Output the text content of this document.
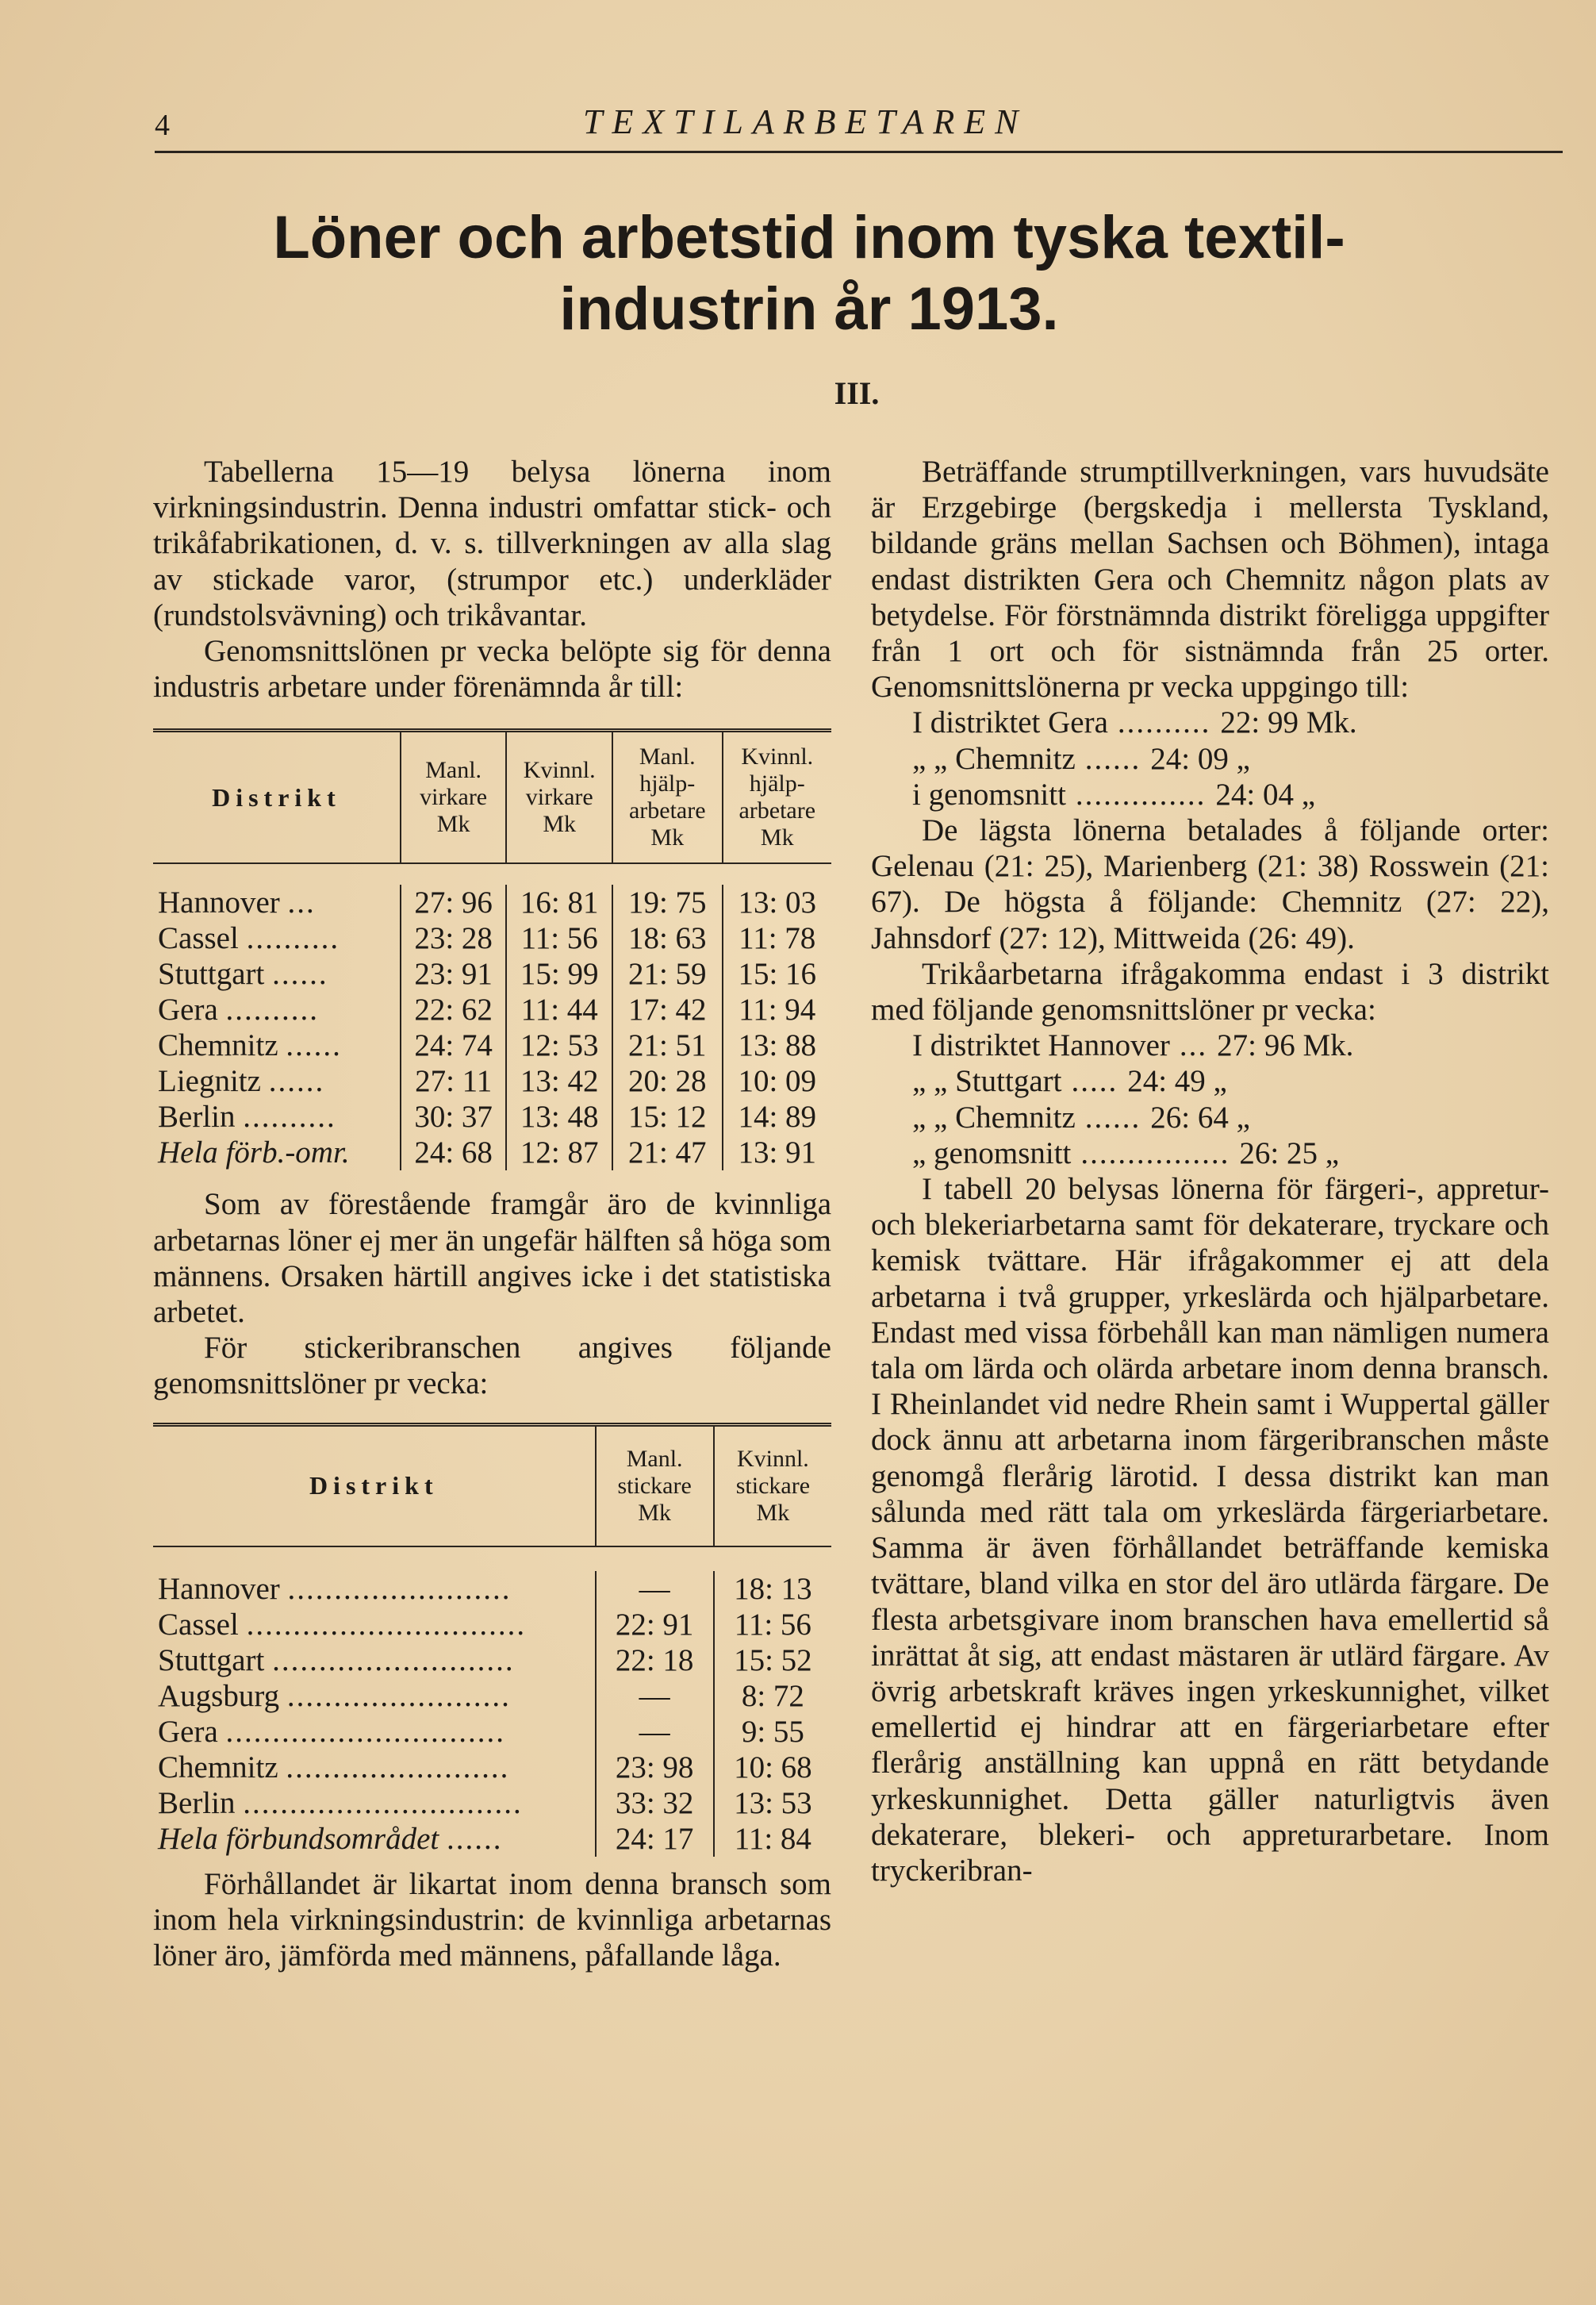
4	TEXTILARBETAREN
Löner och arbetstid inom tyska textil-industrin år 1913.
III.

Tabellerna 15—19 belysa lönerna inom virkningsindustrin. Denna industri omfattar stick- och trikåfabrikationen, d. v. s. tillverkningen av alla slag av stickade varor, (strumpor etc.) underkläder (rundstolsvävning) och trikåvantar.

Genomsnittslönen pr vecka belöpte sig för denna industris arbetare under förenämnda år till:

Distrikt	Manl. virkare Mk	Kvinnl. virkare Mk	Manl. hjälp-arbetare Mk	Kvinnl. hjälp-arbetare Mk

Hannover ...	27: 96	16: 81	19: 75	13: 03
Cassel ..........	23: 28	11: 56	18: 63	11: 78
Stuttgart ......	23: 91	15: 99	21: 59	15: 16
Gera ..........	22: 62	11: 44	17: 42	11: 94
Chemnitz ......	24: 74	12: 53	21: 51	13: 88
Liegnitz ......	27: 11	13: 42	20: 28	10: 09
Berlin ..........	30: 37	13: 48	15: 12	14: 89
Hela förb.-omr.	24: 68	12: 87	21: 47	13: 91

Som av förestående framgår äro de kvinnliga arbetarnas löner ej mer än ungefär hälften så höga som männens. Orsaken härtill angives icke i det statistiska arbetet.

För stickeribranschen angives följande genomsnittslöner pr vecka:

Distrikt	Manl. stickare Mk	Kvinnl. stickare Mk

Hannover ........................	—	18: 13
Cassel ..............................	22: 91	11: 56
Stuttgart ..........................	22: 18	15: 52
Augsburg ........................	—	8: 72
Gera ..............................	—	9: 55
Chemnitz ........................	23: 98	10: 68
Berlin ..............................	33: 32	13: 53
Hela förbundsområdet ......	24: 17	11: 84

Förhållandet är likartat inom denna bransch som inom hela virkningsindustrin: de kvinnliga arbetarnas löner äro, jämförda med männens, påfallande låga.

Beträffande strumptillverkningen, vars huvudsäte är Erzgebirge (bergskedja i mellersta Tyskland, bildande gräns mellan Sachsen och Böhmen), intaga endast distrikten Gera och Chemnitz någon plats av betydelse. För förstnämnda distrikt föreligga uppgifter från 1 ort och för sistnämnda från 25 orter. Genomsnittslönerna pr vecka uppgingo till:

I distriktet Gera .......... 22: 99 Mk.
„ „ Chemnitz ...... 24: 09 „
i genomsnitt .............. 24: 04 „

De lägsta lönerna betalades å följande orter: Gelenau (21: 25), Marienberg (21: 38) Rosswein (21: 67). De högsta å följande: Chemnitz (27: 22), Jahnsdorf (27: 12), Mittweida (26: 49).

Trikåarbetarna ifrågakomma endast i 3 distrikt med följande genomsnittslöner pr vecka:

I distriktet Hannover ... 27: 96 Mk.
„ „ Stuttgart ..... 24: 49 „
„ „ Chemnitz ...... 26: 64 „
„ genomsnitt ................ 26: 25 „

I tabell 20 belysas lönerna för färgeri-, appretur- och blekeriarbetarna samt för dekaterare, tryckare och kemisk tvättare. Här ifrågakommer ej att dela arbetarna i två grupper, yrkeslärda och hjälparbetare. Endast med vissa förbehåll kan man nämligen numera tala om lärda och olärda arbetare inom denna bransch. I Rheinlandet vid nedre Rhein samt i Wuppertal gäller dock ännu att arbetarna inom färgeribranschen måste genomgå flerårig lärotid. I dessa distrikt kan man sålunda med rätt tala om yrkeslärda färgeriarbetare. Samma är även förhållandet beträffande kemiska tvättare, bland vilka en stor del äro utlärda färgare. De flesta arbetsgivare inom branschen hava emellertid så inrättat åt sig, att endast mästaren är utlärd färgare. Av övrig arbetskraft kräves ingen yrkeskunnighet, vilket emellertid ej hindrar att en färgeriarbetare efter flerårig anställning kan uppnå en rätt betydande yrkeskunnighet. Detta gäller naturligtvis även dekaterare, blekeri- och appreturarbetare. Inom tryckeribran-
